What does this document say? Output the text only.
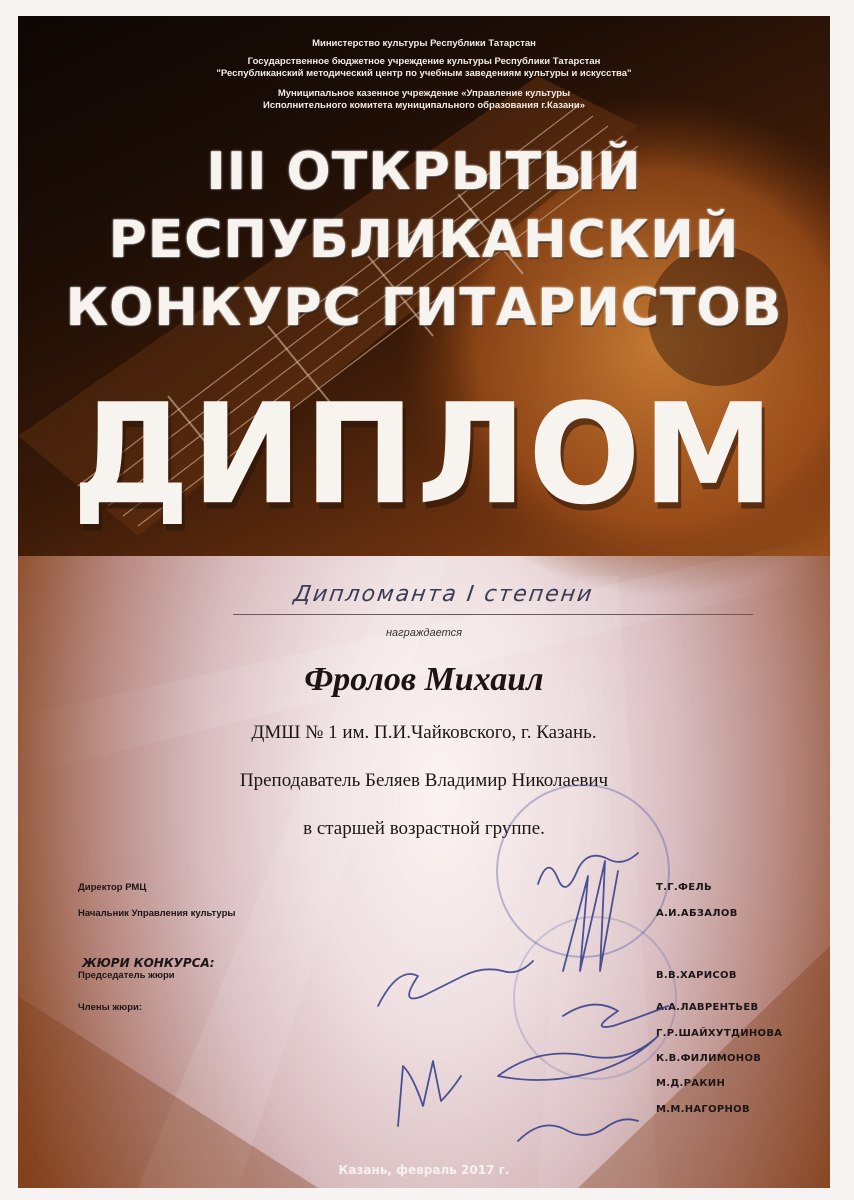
Министерство культуры Республики Татарстан
Государственное бюджетное учреждение культуры Республики Татарстан
"Республиканский методический центр по учебным заведениям культуры и искусства"
Муниципальное казенное учреждение «Управление культуры
Исполнительного комитета муниципального образования г.Казани»
III ОТКРЫТЫЙ
РЕСПУБЛИКАНСКИЙ
КОНКУРС ГИТАРИСТОВ
ДИПЛОМ
Дипломанта I степени
награждается
Фролов Михаил
ДМШ № 1 им. П.И.Чайковского, г. Казань.
Преподаватель Беляев Владимир Николаевич
в старшей возрастной группе.
Директор РМЦ	Т.Г.ФЕЛЬ
Начальник Управления культуры	А.И.АБЗАЛОВ
ЖЮРИ КОНКУРСА:
Председатель жюри	В.В.ХАРИСОВ
Члены жюри:	А.А.ЛАВРЕНТЬЕВ
Г.Р.ШАЙХУТДИНОВА
К.В.ФИЛИМОНОВ
М.Д.РАКИН
М.М.НАГОРНОВ
Казань, февраль 2017 г.
